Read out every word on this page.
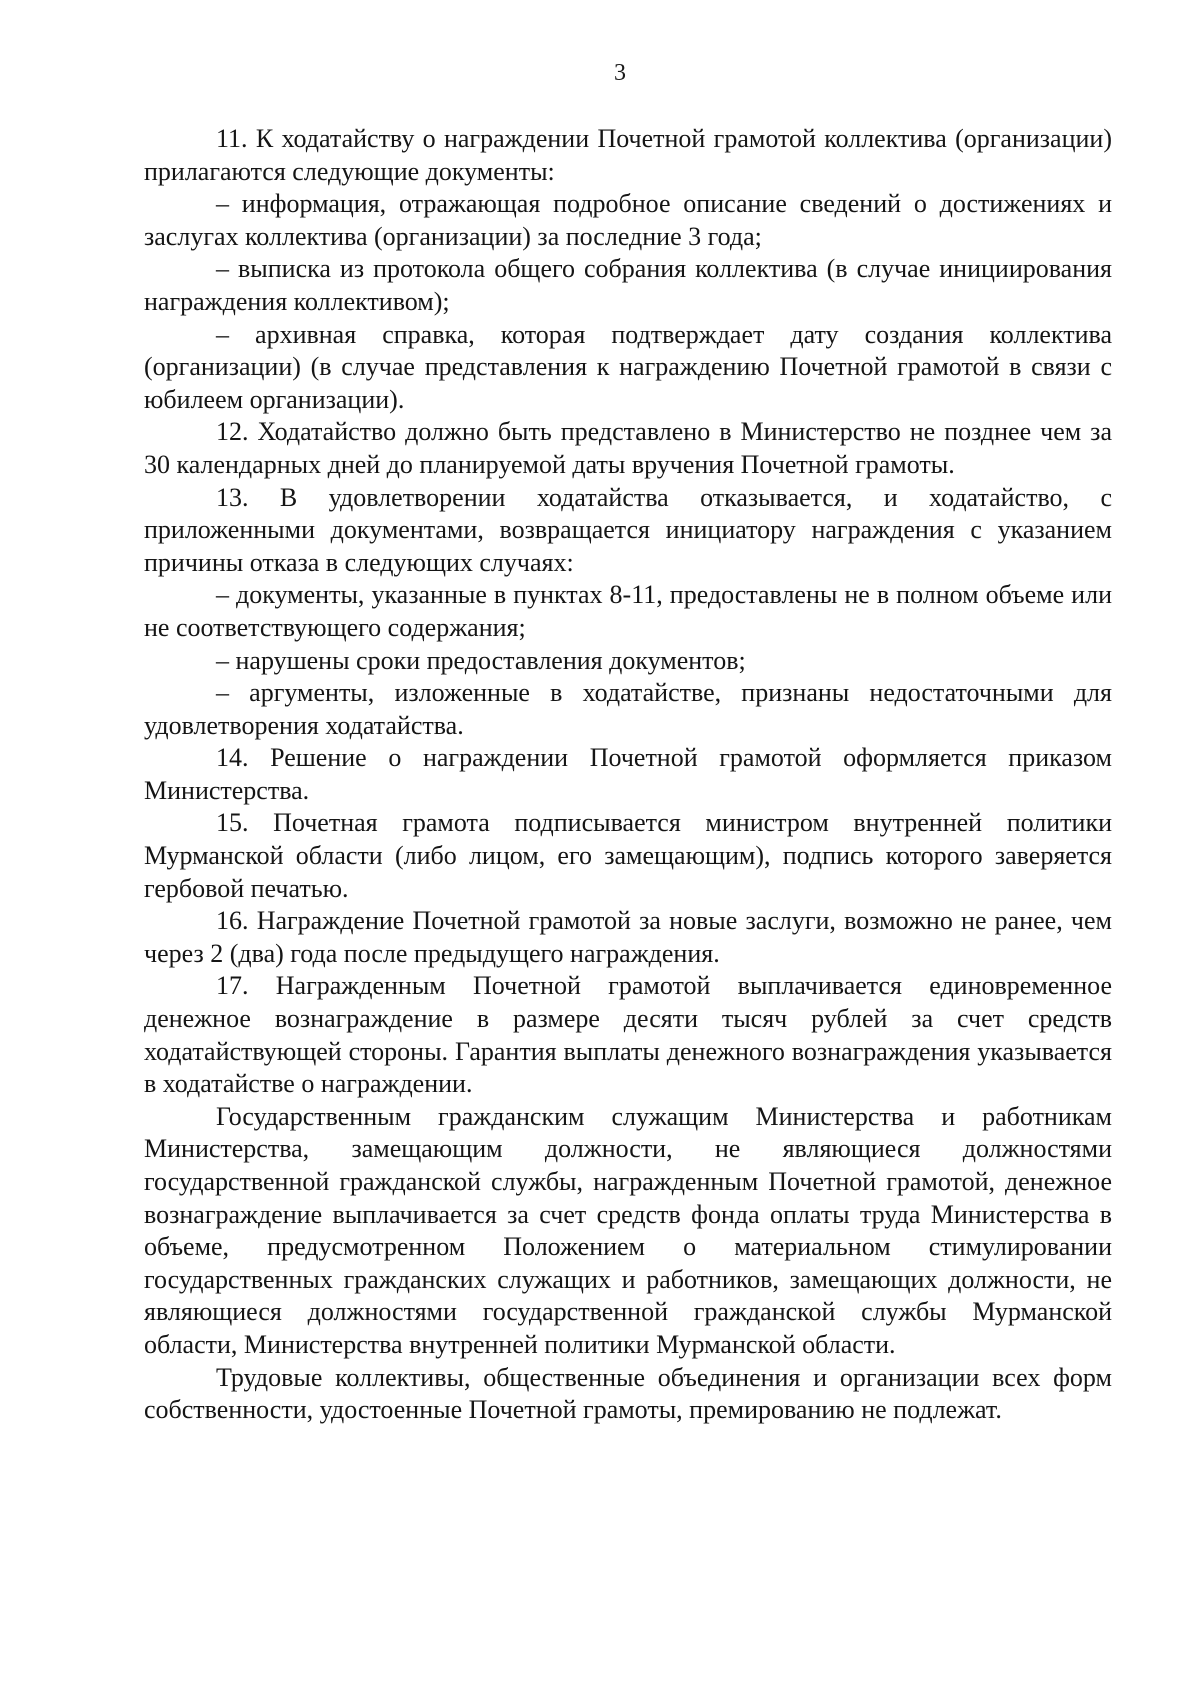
3

11. К ходатайству о награждении Почетной грамотой коллектива (организации) прилагаются следующие документы:

– информация, отражающая подробное описание сведений о достижениях и заслугах коллектива (организации) за последние 3 года;

– выписка из протокола общего собрания коллектива (в случае инициирования награждения коллективом);

– архивная справка, которая подтверждает дату создания коллектива (организации) (в случае представления к награждению Почетной грамотой в связи с юбилеем организации).

12. Ходатайство должно быть представлено в Министерство не позднее чем за 30 календарных дней до планируемой даты вручения Почетной грамоты.

13. В удовлетворении ходатайства отказывается, и ходатайство, с приложенными документами, возвращается инициатору награждения с указанием причины отказа в следующих случаях:

– документы, указанные в пунктах 8-11, предоставлены не в полном объеме или не соответствующего содержания;

– нарушены сроки предоставления документов;

– аргументы, изложенные в ходатайстве, признаны недостаточными для удовлетворения ходатайства.

14. Решение о награждении Почетной грамотой оформляется приказом Министерства.

15. Почетная грамота подписывается министром внутренней политики Мурманской области (либо лицом, его замещающим), подпись которого заверяется гербовой печатью.

16. Награждение Почетной грамотой за новые заслуги, возможно не ранее, чем через 2 (два) года после предыдущего награждения.

17. Награжденным Почетной грамотой выплачивается единовременное денежное вознаграждение в размере десяти тысяч рублей за счет средств ходатайствующей стороны. Гарантия выплаты денежного вознаграждения указывается в ходатайстве о награждении.

Государственным гражданским служащим Министерства и работникам Министерства, замещающим должности, не являющиеся должностями государственной гражданской службы, награжденным Почетной грамотой, денежное вознаграждение выплачивается за счет средств фонда оплаты труда Министерства в объеме, предусмотренном Положением о материальном стимулировании государственных гражданских служащих и работников, замещающих должности, не являющиеся должностями государственной гражданской службы Мурманской области, Министерства внутренней политики Мурманской области.

Трудовые коллективы, общественные объединения и организации всех форм собственности, удостоенные Почетной грамоты, премированию не подлежат.
